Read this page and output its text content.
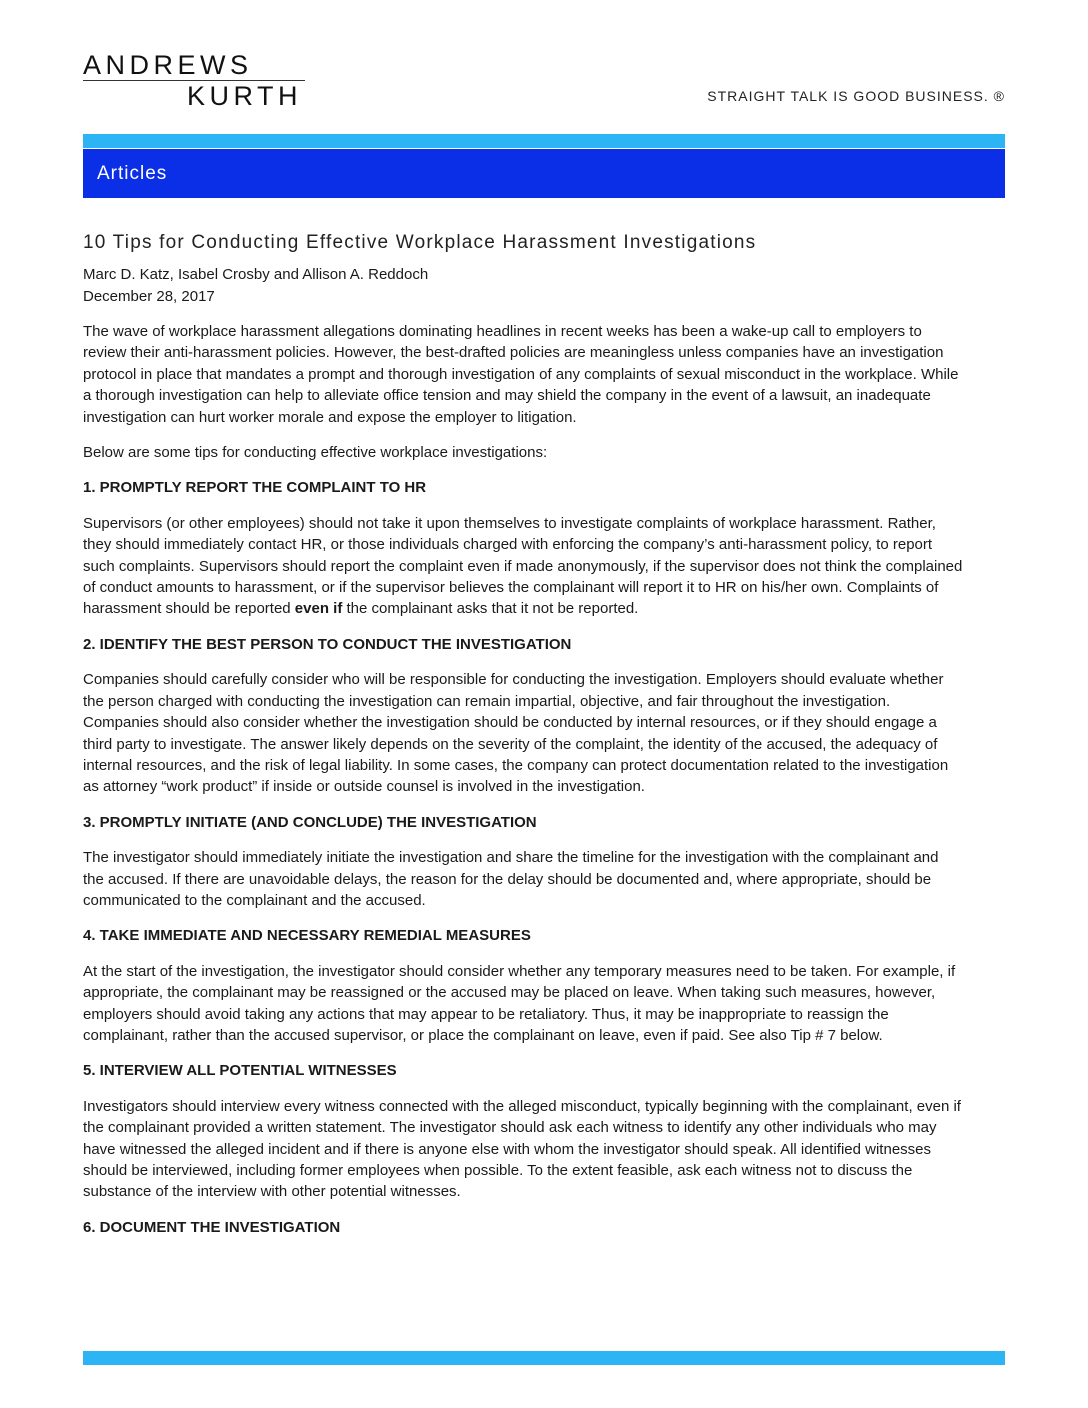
ANDREWS
KURTH	STRAIGHT TALK IS GOOD BUSINESS. ®
Articles
10 Tips for Conducting Effective Workplace Harassment Investigations
Marc D. Katz, Isabel Crosby and Allison A. Reddoch
December 28, 2017

The wave of workplace harassment allegations dominating headlines in recent weeks has been a wake-up call to employers to review their anti-harassment policies. However, the best-drafted policies are meaningless unless companies have an investigation protocol in place that mandates a prompt and thorough investigation of any complaints of sexual misconduct in the workplace. While a thorough investigation can help to alleviate office tension and may shield the company in the event of a lawsuit, an inadequate investigation can hurt worker morale and expose the employer to litigation.

Below are some tips for conducting effective workplace investigations:

1. PROMPTLY REPORT THE COMPLAINT TO HR

Supervisors (or other employees) should not take it upon themselves to investigate complaints of workplace harassment. Rather, they should immediately contact HR, or those individuals charged with enforcing the company’s anti-harassment policy, to report such complaints. Supervisors should report the complaint even if made anonymously, if the supervisor does not think the complained of conduct amounts to harassment, or if the supervisor believes the complainant will report it to HR on his/her own. Complaints of harassment should be reported even if the complainant asks that it not be reported.

2. IDENTIFY THE BEST PERSON TO CONDUCT THE INVESTIGATION

Companies should carefully consider who will be responsible for conducting the investigation. Employers should evaluate whether the person charged with conducting the investigation can remain impartial, objective, and fair throughout the investigation. Companies should also consider whether the investigation should be conducted by internal resources, or if they should engage a third party to investigate. The answer likely depends on the severity of the complaint, the identity of the accused, the adequacy of internal resources, and the risk of legal liability. In some cases, the company can protect documentation related to the investigation as attorney “work product” if inside or outside counsel is involved in the investigation.

3. PROMPTLY INITIATE (AND CONCLUDE) THE INVESTIGATION

The investigator should immediately initiate the investigation and share the timeline for the investigation with the complainant and the accused. If there are unavoidable delays, the reason for the delay should be documented and, where appropriate, should be communicated to the complainant and the accused.

4. TAKE IMMEDIATE AND NECESSARY REMEDIAL MEASURES

At the start of the investigation, the investigator should consider whether any temporary measures need to be taken. For example, if appropriate, the complainant may be reassigned or the accused may be placed on leave. When taking such measures, however, employers should avoid taking any actions that may appear to be retaliatory. Thus, it may be inappropriate to reassign the complainant, rather than the accused supervisor, or place the complainant on leave, even if paid. See also Tip # 7 below.

5. INTERVIEW ALL POTENTIAL WITNESSES

Investigators should interview every witness connected with the alleged misconduct, typically beginning with the complainant, even if the complainant provided a written statement. The investigator should ask each witness to identify any other individuals who may have witnessed the alleged incident and if there is anyone else with whom the investigator should speak. All identified witnesses should be interviewed, including former employees when possible. To the extent feasible, ask each witness not to discuss the substance of the interview with other potential witnesses.

6. DOCUMENT THE INVESTIGATION
